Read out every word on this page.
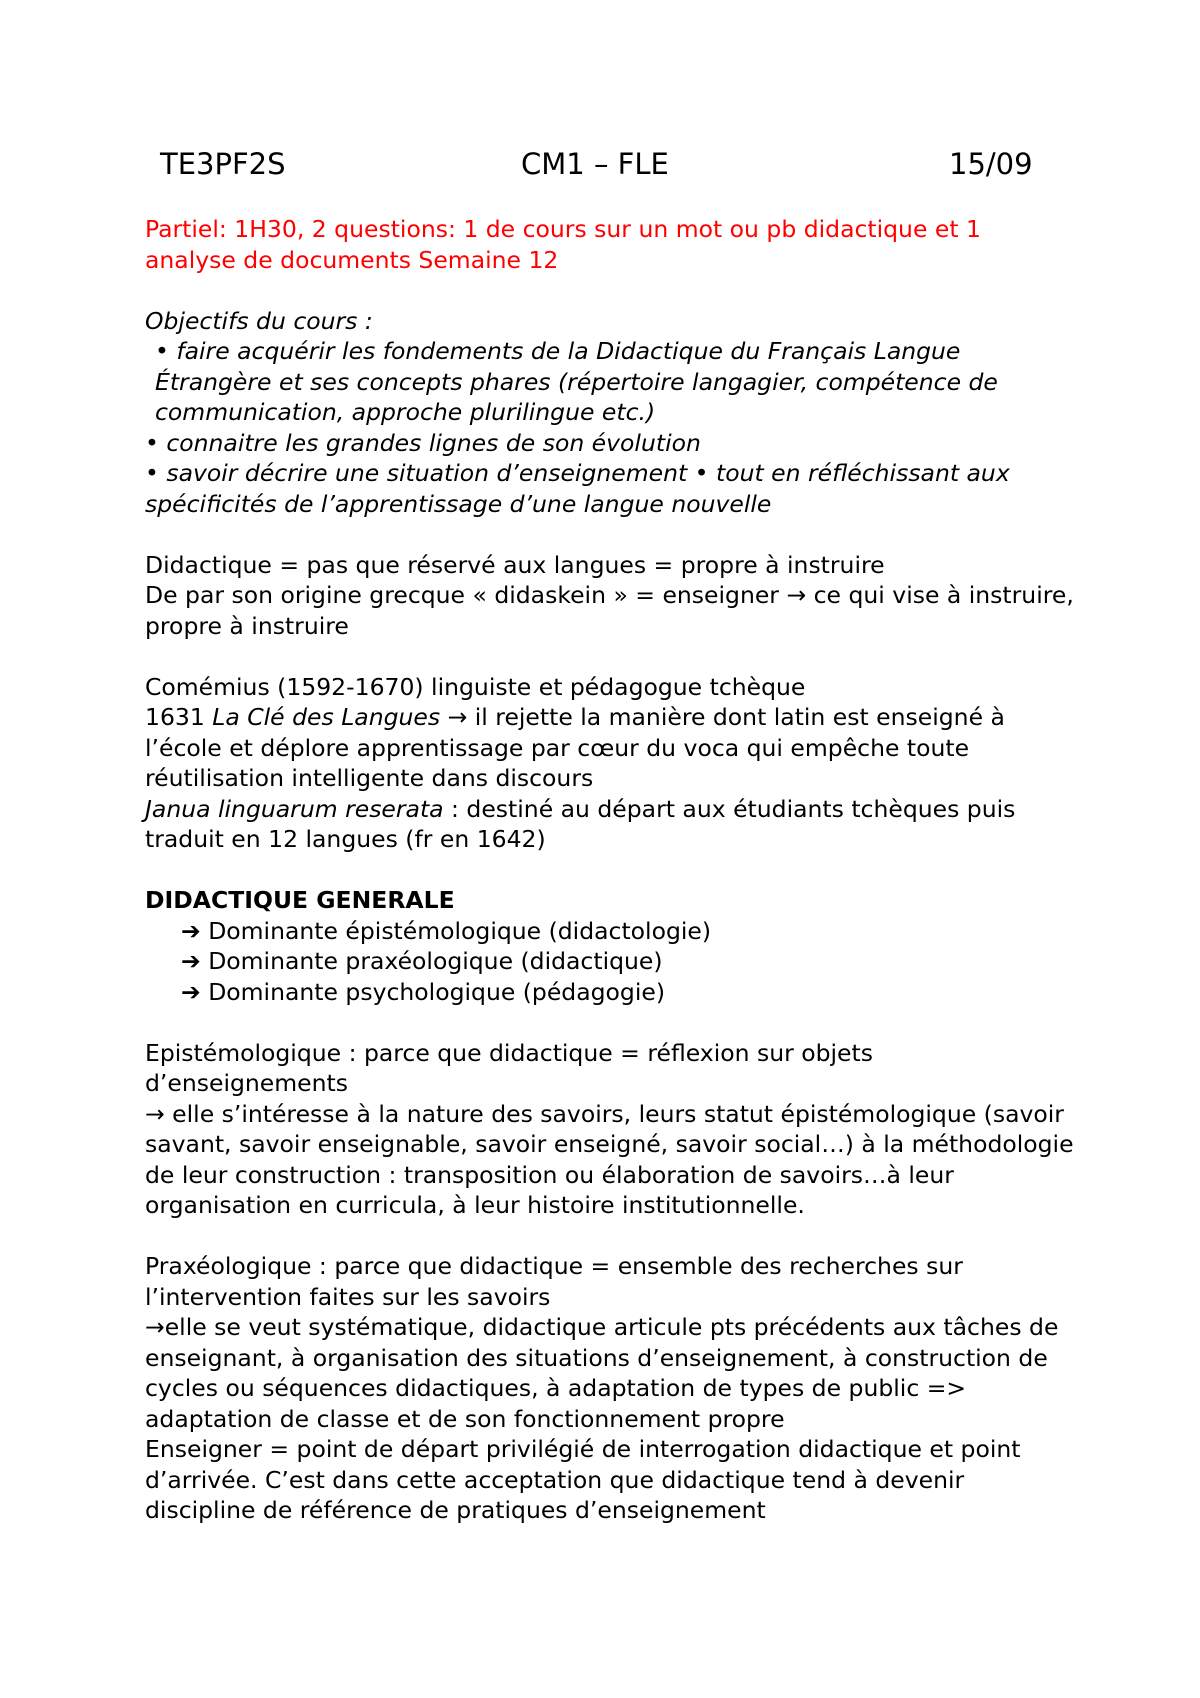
TE3PF2S	CM1 – FLE	15/09

Partiel: 1H30, 2 questions: 1 de cours sur un mot ou pb didactique et 1 analyse de documents Semaine 12

Objectifs du cours :

• faire acquérir les fondements de la Didactique du Français Langue Étrangère et ses concepts phares (répertoire langagier, compétence de communication, approche plurilingue etc.)

• connaitre les grandes lignes de son évolution

• savoir décrire une situation d’enseignement • tout en réfléchissant aux spécificités de l’apprentissage d’une langue nouvelle

Didactique = pas que réservé aux langues = propre à instruire

De par son origine grecque « didaskein » = enseigner → ce qui vise à instruire, propre à instruire

Comémius (1592-1670) linguiste et pédagogue tchèque

1631 La Clé des Langues → il rejette la manière dont latin est enseigné à l’école et déplore apprentissage par cœur du voca qui empêche toute réutilisation intelligente dans discours

Janua linguarum reserata : destiné au départ aux étudiants tchèques puis traduit en 12 langues (fr en 1642)

DIDACTIQUE GENERALE

➔ Dominante épistémologique (didactologie)

➔ Dominante praxéologique (didactique)

➔ Dominante psychologique (pédagogie)

Epistémologique : parce que didactique = réflexion sur objets d’enseignements

→ elle s’intéresse à la nature des savoirs, leurs statut épistémologique (savoir savant, savoir enseignable, savoir enseigné, savoir social…) à la méthodologie de leur construction : transposition ou élaboration de savoirs…à leur organisation en curricula, à leur histoire institutionnelle.

Praxéologique : parce que didactique = ensemble des recherches sur l’intervention faites sur les savoirs

→elle se veut systématique, didactique articule pts précédents aux tâches de enseignant, à organisation des situations d’enseignement, à construction de cycles ou séquences didactiques, à adaptation de types de public => adaptation de classe et de son fonctionnement propre

Enseigner = point de départ privilégié de interrogation didactique et point d’arrivée. C’est dans cette acceptation que didactique tend à devenir discipline de référence de pratiques d’enseignement
